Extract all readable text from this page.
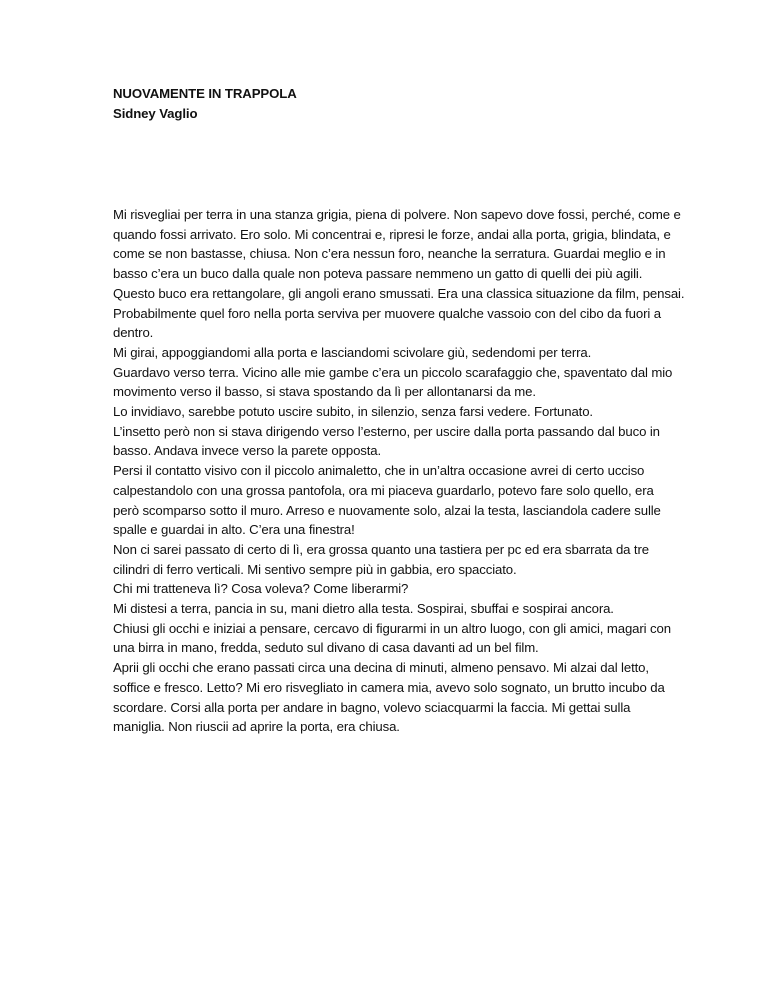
NUOVAMENTE IN TRAPPOLA
Sidney Vaglio
Mi risvegliai per terra in una stanza grigia, piena di polvere. Non sapevo dove fossi, perché, come e
quando fossi arrivato. Ero solo. Mi concentrai e, ripresi le forze, andai alla porta, grigia, blindata, e
come se non bastasse, chiusa. Non c’era nessun foro, neanche la serratura. Guardai meglio e in
basso c’era un buco dalla quale non poteva passare nemmeno un gatto di quelli dei più agili.
Questo buco era rettangolare, gli angoli erano smussati. Era una classica situazione da film, pensai.
Probabilmente quel foro nella porta serviva per muovere qualche vassoio con del cibo da fuori a
dentro.
Mi girai, appoggiandomi alla porta e lasciandomi scivolare giù, sedendomi per terra.
Guardavo verso terra. Vicino alle mie gambe c’era un piccolo scarafaggio che, spaventato dal mio
movimento verso il basso, si stava spostando da lì per allontanarsi da me.
Lo invidiavo, sarebbe potuto uscire subito, in silenzio, senza farsi vedere. Fortunato.
L’insetto però non si stava dirigendo verso l’esterno, per uscire dalla porta passando dal buco in
basso. Andava invece verso la parete opposta.
Persi il contatto visivo con il piccolo animaletto, che in un’altra occasione avrei di certo ucciso
calpestandolo con una grossa pantofola, ora mi piaceva guardarlo, potevo fare solo quello, era
però scomparso sotto il muro. Arreso e nuovamente solo, alzai la testa, lasciandola cadere sulle
spalle e guardai in alto. C’era una finestra!
Non ci sarei passato di certo di lì, era grossa quanto una tastiera per pc ed era sbarrata da tre
cilindri di ferro verticali. Mi sentivo sempre più in gabbia, ero spacciato.
Chi mi tratteneva lì? Cosa voleva? Come liberarmi?
Mi distesi a terra, pancia in su, mani dietro alla testa. Sospirai, sbuffai e sospirai ancora.
Chiusi gli occhi e iniziai a pensare, cercavo di figurarmi in un altro luogo, con gli amici, magari con
una birra in mano, fredda, seduto sul divano di casa davanti ad un bel film.
Aprii gli occhi che erano passati circa una decina di minuti, almeno pensavo. Mi alzai dal letto,
soffice e fresco. Letto? Mi ero risvegliato in camera mia, avevo solo sognato, un brutto incubo da
scordare. Corsi alla porta per andare in bagno, volevo sciacquarmi la faccia. Mi gettai sulla
maniglia. Non riuscii ad aprire la porta, era chiusa.
